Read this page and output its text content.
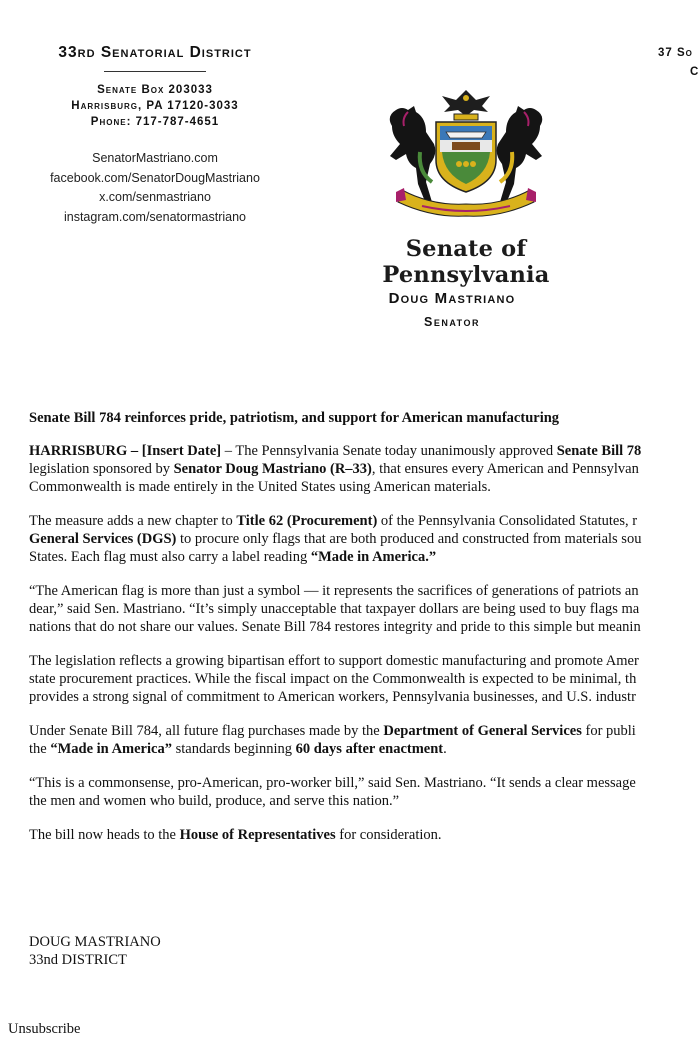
33rd Senatorial District
Senate Box 203033
Harrisburg, PA 17120-3033
Phone: 717-787-4651
SenatorMastriano.com
facebook.com/SenatorDougMastriano
x.com/senmastriano
instagram.com/senatormastriano
37 So
C
Senate of Pennsylvania
Doug Mastriano
Senator

Senate Bill 784 reinforces pride, patriotism, and support for American manufacturing

HARRISBURG – [Insert Date] – The Pennsylvania Senate today unanimously approved Senate Bill 78
legislation sponsored by Senator Doug Mastriano (R–33), that ensures every American and Pennsylvan
Commonwealth is made entirely in the United States using American materials.

The measure adds a new chapter to Title 62 (Procurement) of the Pennsylvania Consolidated Statutes, r
General Services (DGS) to procure only flags that are both produced and constructed from materials sou
States. Each flag must also carry a label reading “Made in America.”

“The American flag is more than just a symbol — it represents the sacrifices of generations of patriots an
dear,” said Sen. Mastriano. “It’s simply unacceptable that taxpayer dollars are being used to buy flags ma
nations that do not share our values. Senate Bill 784 restores integrity and pride to this simple but meanin

The legislation reflects a growing bipartisan effort to support domestic manufacturing and promote Amer
state procurement practices. While the fiscal impact on the Commonwealth is expected to be minimal, th
provides a strong signal of commitment to American workers, Pennsylvania businesses, and U.S. industr

Under Senate Bill 784, all future flag purchases made by the Department of General Services for publi
the “Made in America” standards beginning 60 days after enactment.

“This is a commonsense, pro-American, pro-worker bill,” said Sen. Mastriano. “It sends a clear message
the men and women who build, produce, and serve this nation.”

The bill now heads to the House of Representatives for consideration.

DOUG MASTRIANO
33nd DISTRICT
Unsubscribe
